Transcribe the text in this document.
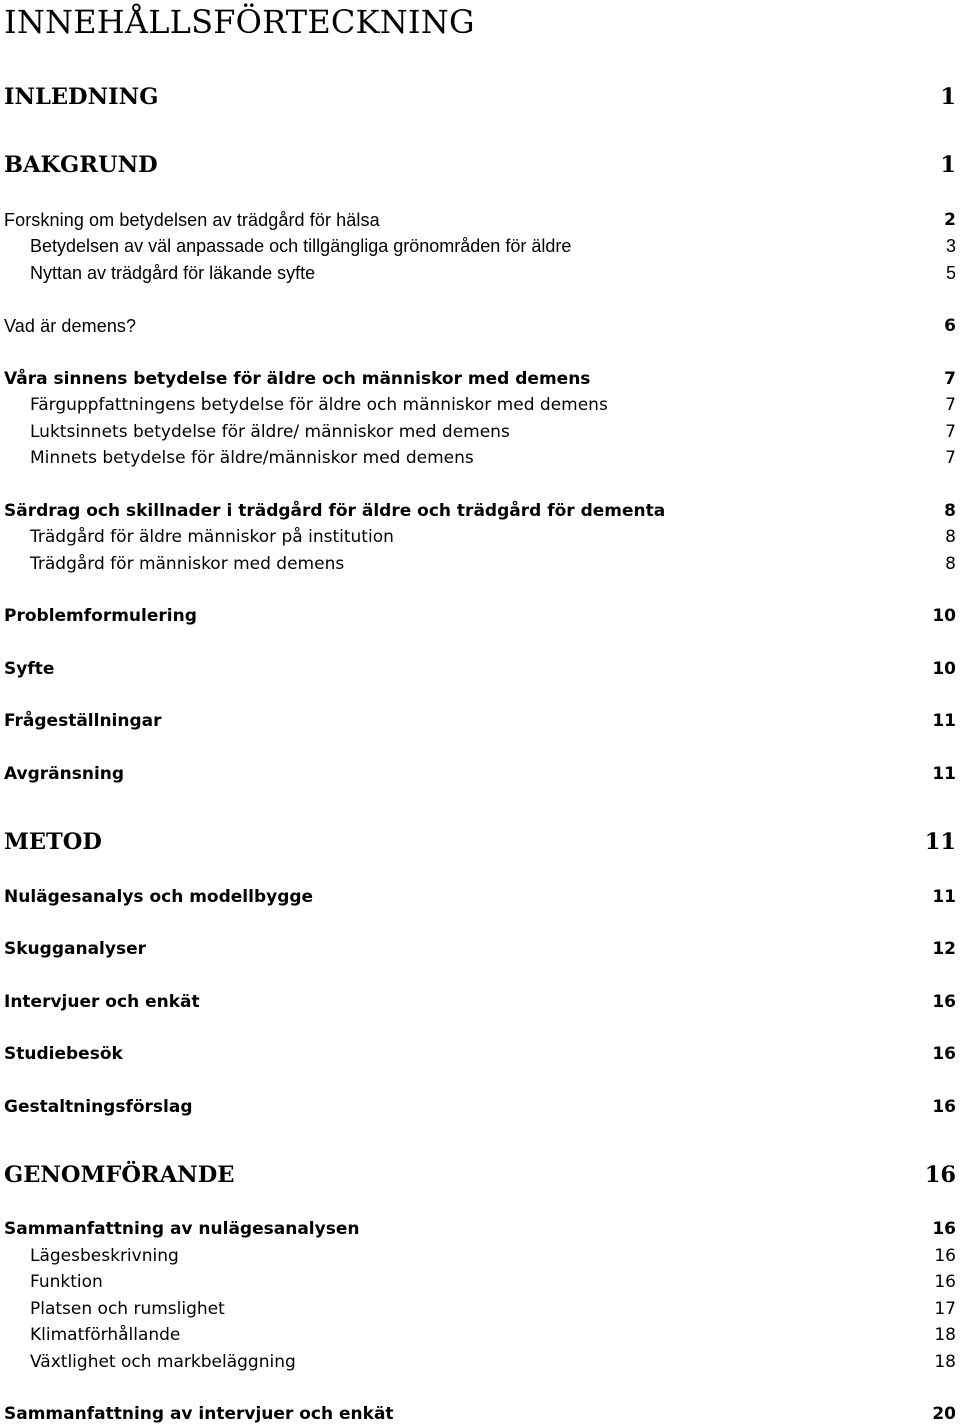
INNEHÅLLSFÖRTECKNING
INLEDNING	1
BAKGRUND	1
Forskning om betydelsen av trädgård för hälsa	2
Betydelsen av väl anpassade och tillgängliga grönområden för äldre	3
Nyttan av trädgård för läkande syfte	5
Vad är demens?	6
Våra sinnens betydelse för äldre och människor med demens	7
Färguppfattningens betydelse för äldre och människor med demens	7
Luktsinnets betydelse för äldre/ människor med demens	7
Minnets betydelse för äldre/människor med demens	7
Särdrag och skillnader i trädgård för äldre och trädgård för dementa	8
Trädgård för äldre människor på institution	8
Trädgård för människor med demens	8
Problemformulering	10
Syfte	10
Frågeställningar	11
Avgränsning	11
METOD	11
Nulägesanalys och modellbygge	11
Skugganalyser	12
Intervjuer och enkät	16
Studiebesök	16
Gestaltningsförslag	16
GENOMFÖRANDE	16
Sammanfattning av nulägesanalysen	16
Lägesbeskrivning	16
Funktion	16
Platsen och rumslighet	17
Klimatförhållande	18
Växtlighet och markbeläggning	18
Sammanfattning av intervjuer och enkät	20
